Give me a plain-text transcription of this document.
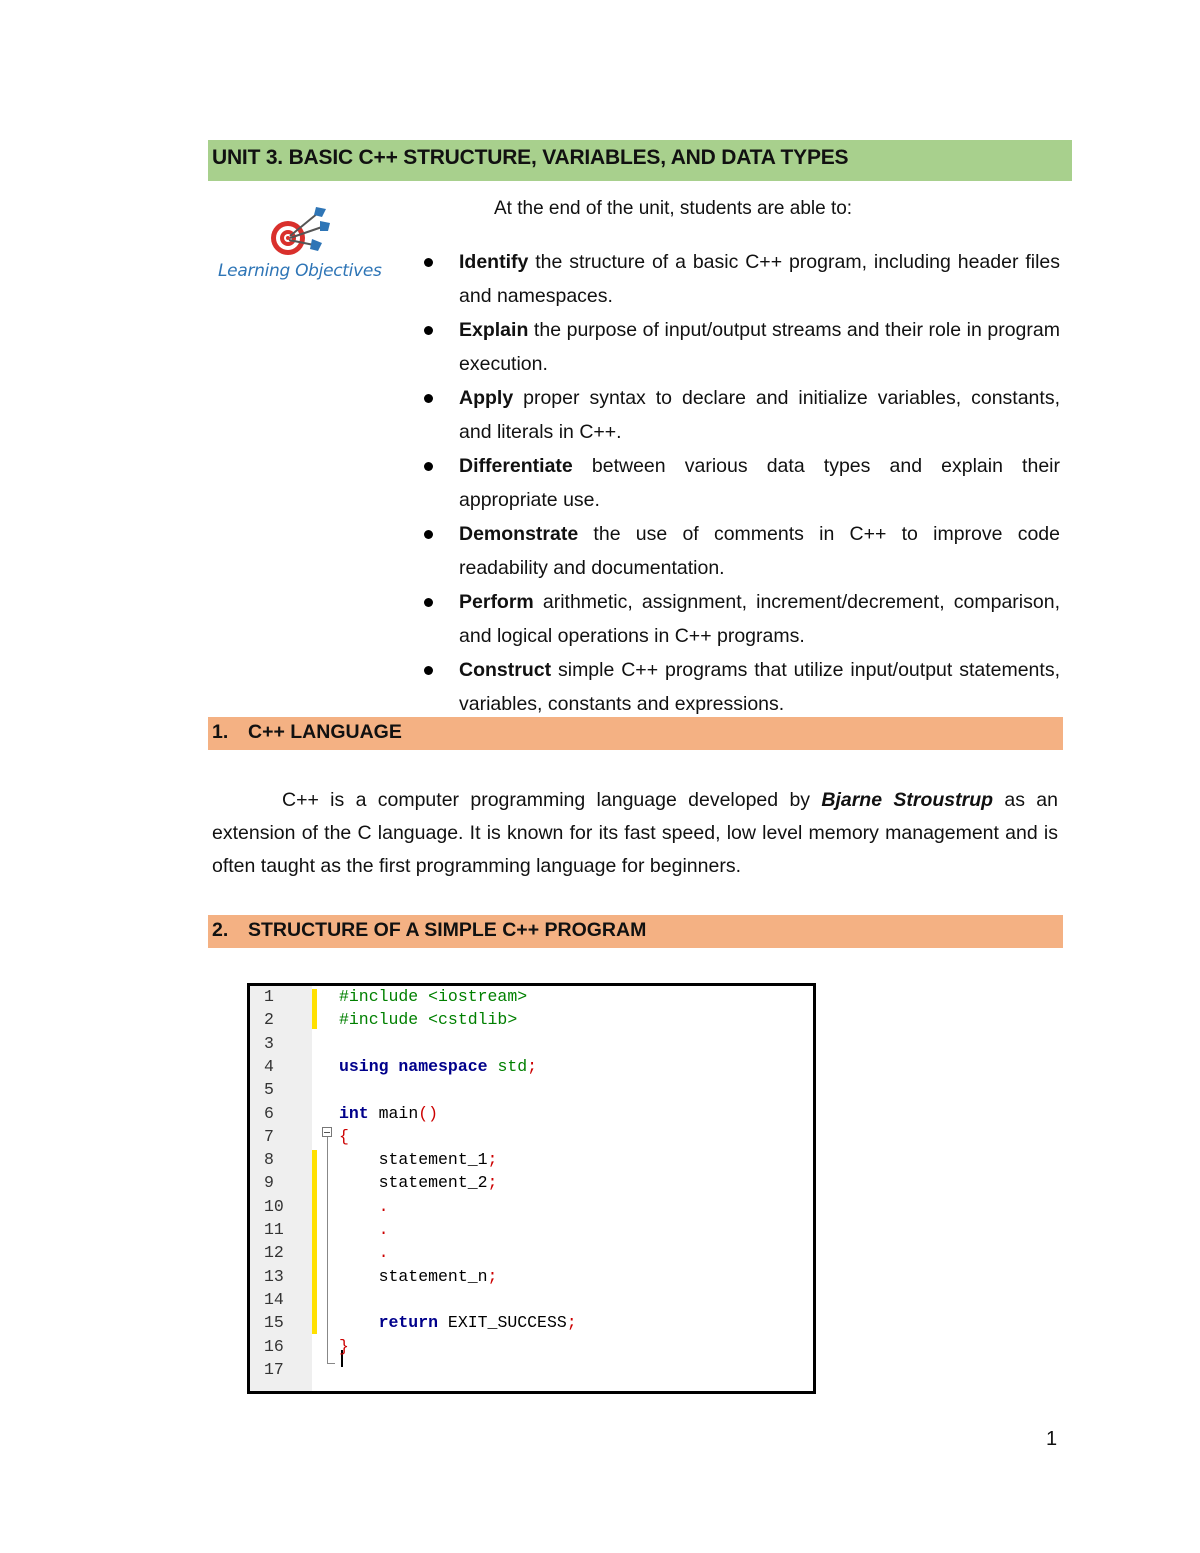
UNIT 3. BASIC C++ STRUCTURE, VARIABLES, AND DATA TYPES
Learning Objectives
At the end of the unit, students are able to:
Identify the structure of a basic C++ program, including header files and namespaces.
Explain the purpose of input/output streams and their role in program execution.
Apply proper syntax to declare and initialize variables, constants, and literals in C++.
Differentiate between various data types and explain their appropriate use.
Demonstrate the use of comments in C++ to improve code readability and documentation.
Perform arithmetic, assignment, increment/decrement, comparison, and logical operations in C++ programs.
Construct simple C++ programs that utilize input/output statements, variables, constants and expressions.
1. C++ LANGUAGE

C++ is a computer programming language developed by Bjarne Stroustrup as an extension of the C language. It is known for its fast speed, low level memory management and is often taught as the first programming language for beginners.

2. STRUCTURE OF A SIMPLE C++ PROGRAM
1	#include <iostream>
2	#include <cstdlib>
3
4	using namespace std;
5
6	int main()
7	{
8	statement_1;
9	statement_2;
10	.
11	.
12	.
13	statement_n;
14
15	return EXIT_SUCCESS;
16	}
17
1
